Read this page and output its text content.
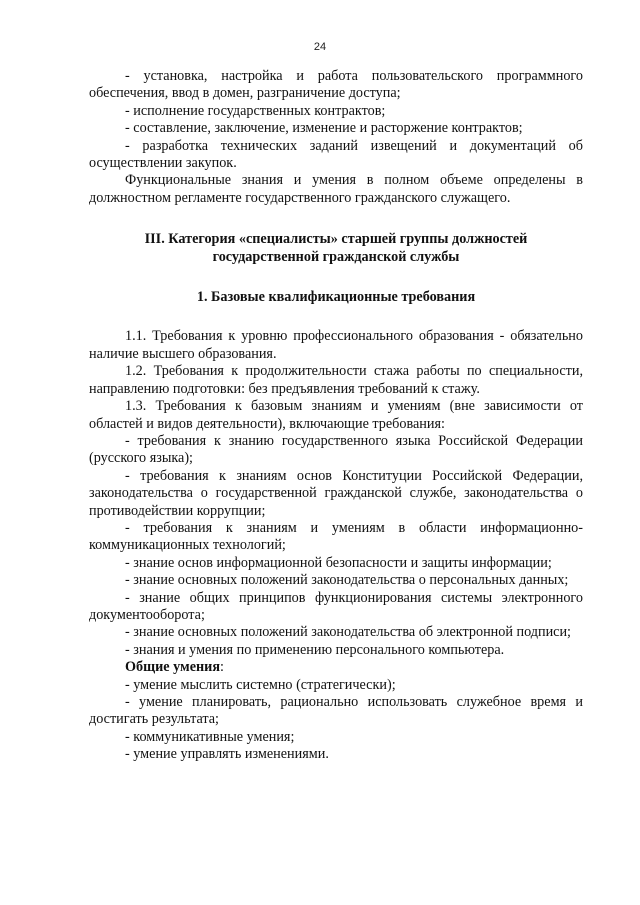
24

- установка, настройка и работа пользовательского программного обеспечения, ввод в домен, разграничение доступа;

- исполнение государственных контрактов;

- составление, заключение, изменение и расторжение контрактов;

- разработка технических заданий извещений и документаций об осуществлении закупок.

Функциональные знания и умения в полном объеме определены в должностном регламенте государственного гражданского служащего.

III. Категория «специалисты» старшей группы должностей
государственной гражданской службы

1. Базовые квалификационные требования

1.1. Требования к уровню профессионального образования - обязательно наличие высшего образования.

1.2. Требования к продолжительности стажа работы по специальности, направлению подготовки: без предъявления требований к стажу.

1.3. Требования к базовым знаниям и умениям (вне зависимости от областей и видов деятельности), включающие требования:

- требования к знанию государственного языка Российской Федерации (русского языка);

- требования к знаниям основ Конституции Российской Федерации, законодательства о государственной гражданской службе, законодательства о противодействии коррупции;

- требования к знаниям и умениям в области информационно-коммуникационных технологий;

- знание основ информационной безопасности и защиты информации;

- знание основных положений законодательства о персональных данных;

- знание общих принципов функционирования системы электронного документооборота;

- знание основных положений законодательства об электронной подписи;

- знания и умения по применению персонального компьютера.

Общие умения:

- умение мыслить системно (стратегически);

- умение планировать, рационально использовать служебное время и достигать результата;

- коммуникативные умения;

- умение управлять изменениями.
